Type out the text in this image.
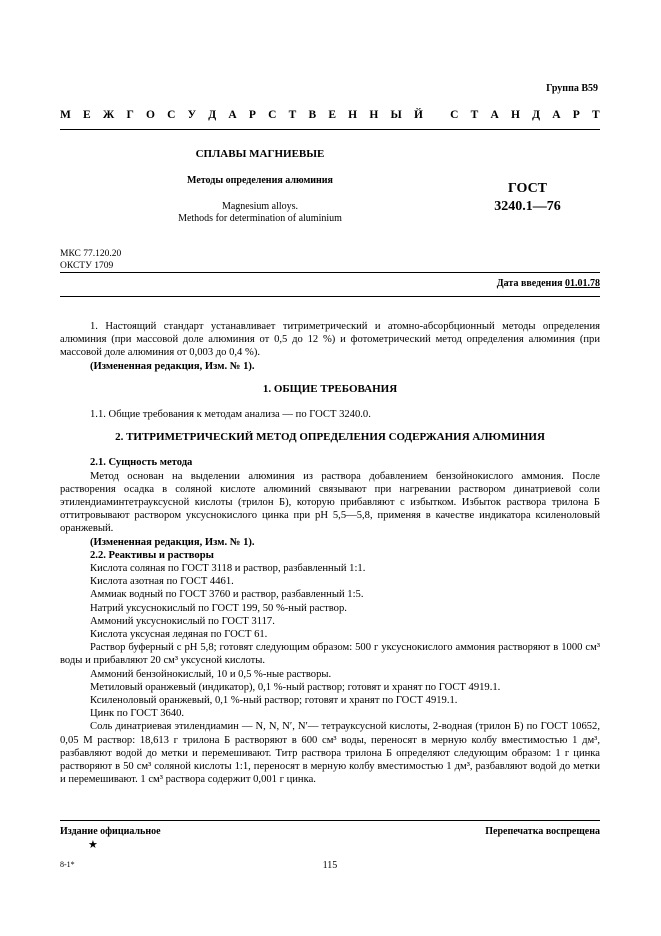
Группа В59
М Е Ж Г О С У Д А Р С Т В Е Н Н Ы Й
С Т А Н Д А Р Т
СПЛАВЫ МАГНИЕВЫЕ
Методы определения алюминия
Magnesium alloys.
Methods for determination of aluminium
ГОСТ
3240.1—76
МКС 77.120.20
ОКСТУ 1709
Дата введения 01.01.78

1. Настоящий стандарт устанавливает титриметрический и атомно-абсорбционный методы определения алюминия (при массовой доле алюминия от 0,5 до 12 %) и фотометрический метод определения алюминия (при массовой доле алюминия от 0,003 до 0,4 %).

(Измененная редакция, Изм. № 1).

1. ОБЩИЕ ТРЕБОВАНИЯ

1.1. Общие требования к методам анализа — по ГОСТ 3240.0.

2. ТИТРИМЕТРИЧЕСКИЙ МЕТОД ОПРЕДЕЛЕНИЯ СОДЕРЖАНИЯ АЛЮМИНИЯ

2.1. Сущность метода

Метод основан на выделении алюминия из раствора добавлением бензойнокислого аммония. После растворения осадка в соляной кислоте алюминий связывают при нагревании раствором динатриевой соли этилендиаминтетрауксусной кислоты (трилон Б), которую прибавляют с избытком. Избыток раствора трилона Б оттитровывают раствором уксуснокислого цинка при рН 5,5—5,8, применяя в качестве индикатора ксиленоловый оранжевый.

(Измененная редакция, Изм. № 1).

2.2. Реактивы и растворы

Кислота соляная по ГОСТ 3118 и раствор, разбавленный 1:1.

Кислота азотная по ГОСТ 4461.

Аммиак водный по ГОСТ 3760 и раствор, разбавленный 1:5.

Натрий уксуснокислый по ГОСТ 199, 50 %-ный раствор.

Аммоний уксуснокислый по ГОСТ 3117.

Кислота уксусная ледяная по ГОСТ 61.

Раствор буферный с рН 5,8; готовят следующим образом: 500 г уксуснокислого аммония растворяют в 1000 см³ воды и прибавляют 20 см³ уксусной кислоты.

Аммоний бензойнокислый, 10 и 0,5 %-ные растворы.

Метиловый оранжевый (индикатор), 0,1 %-ный раствор; готовят и хранят по ГОСТ 4919.1.

Ксиленоловый оранжевый, 0,1 %-ный раствор; готовят и хранят по ГОСТ 4919.1.

Цинк по ГОСТ 3640.

Соль динатриевая этилендиамин — N, N, N′, N′— тетрауксусной кислоты, 2-водная (трилон Б) по ГОСТ 10652, 0,05 М раствор: 18,613 г трилона Б растворяют в 600 см³ воды, переносят в мерную колбу вместимостью 1 дм³, разбавляют водой до метки и перемешивают. Титр раствора трилона Б определяют следующим образом: 1 г цинка растворяют в 50 см³ соляной кислоты 1:1, переносят в мерную колбу вместимостью 1 дм³, разбавляют водой до метки и перемешивают. 1 см³ раствора содержит 0,001 г цинка.

Издание официальное	Перепечатка воспрещена
★
8-1*	115
